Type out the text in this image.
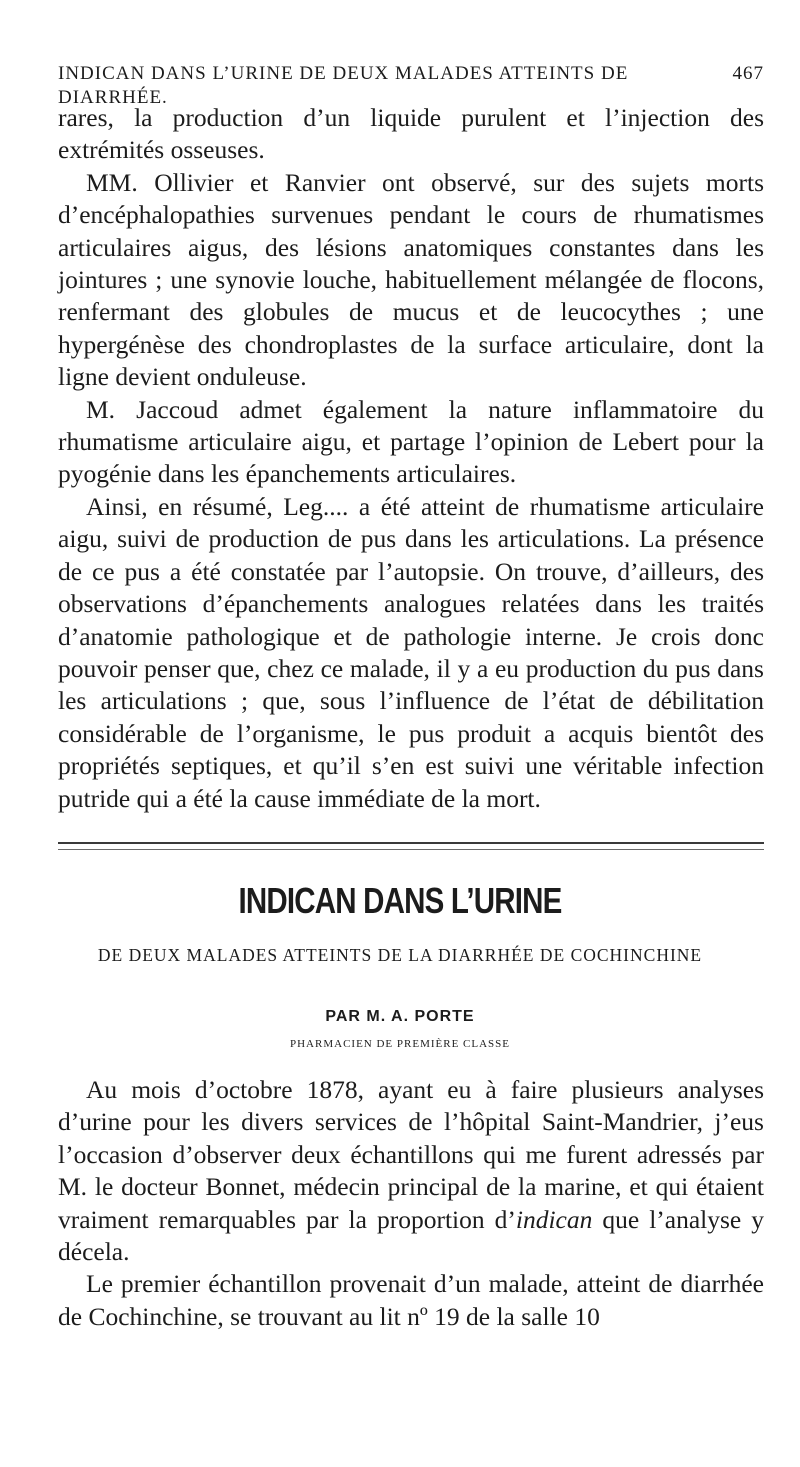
INDICAN DANS L’URINE DE DEUX MALADES ATTEINTS DE DIARRHÉE.
467

rares, la production d’un liquide purulent et l’injection des extrémités osseuses.

MM. Ollivier et Ranvier ont observé, sur des sujets morts d’encéphalopathies survenues pendant le cours de rhumatismes articulaires aigus, des lésions anatomiques constantes dans les jointures ; une synovie louche, habituellement mélangée de flocons, renfermant des globules de mucus et de leucocythes ; une hypergénèse des chondroplastes de la surface articulaire, dont la ligne devient onduleuse.

M. Jaccoud admet également la nature inflammatoire du rhumatisme articulaire aigu, et partage l’opinion de Lebert pour la pyogénie dans les épanchements articulaires.

Ainsi, en résumé, Leg.... a été atteint de rhumatisme articulaire aigu, suivi de production de pus dans les articulations. La présence de ce pus a été constatée par l’autopsie. On trouve, d’ailleurs, des observations d’épanchements analogues relatées dans les traités d’anatomie pathologique et de pathologie interne. Je crois donc pouvoir penser que, chez ce malade, il y a eu production du pus dans les articulations ; que, sous l’influence de l’état de débilitation considérable de l’organisme, le pus produit a acquis bientôt des propriétés septiques, et qu’il s’en est suivi une véritable infection putride qui a été la cause immédiate de la mort.

INDICAN DANS L’URINE
DE DEUX MALADES ATTEINTS DE LA DIARRHÉE DE COCHINCHINE
PAR M. A. PORTE
PHARMACIEN DE PREMIÈRE CLASSE

Au mois d’octobre 1878, ayant eu à faire plusieurs analyses d’urine pour les divers services de l’hôpital Saint-Mandrier, j’eus l’occasion d’observer deux échantillons qui me furent adressés par M. le docteur Bonnet, médecin principal de la marine, et qui étaient vraiment remarquables par la proportion d’indican que l’analyse y décela.

Le premier échantillon provenait d’un malade, atteint de diarrhée de Cochinchine, se trouvant au lit nº 19 de la salle 10
